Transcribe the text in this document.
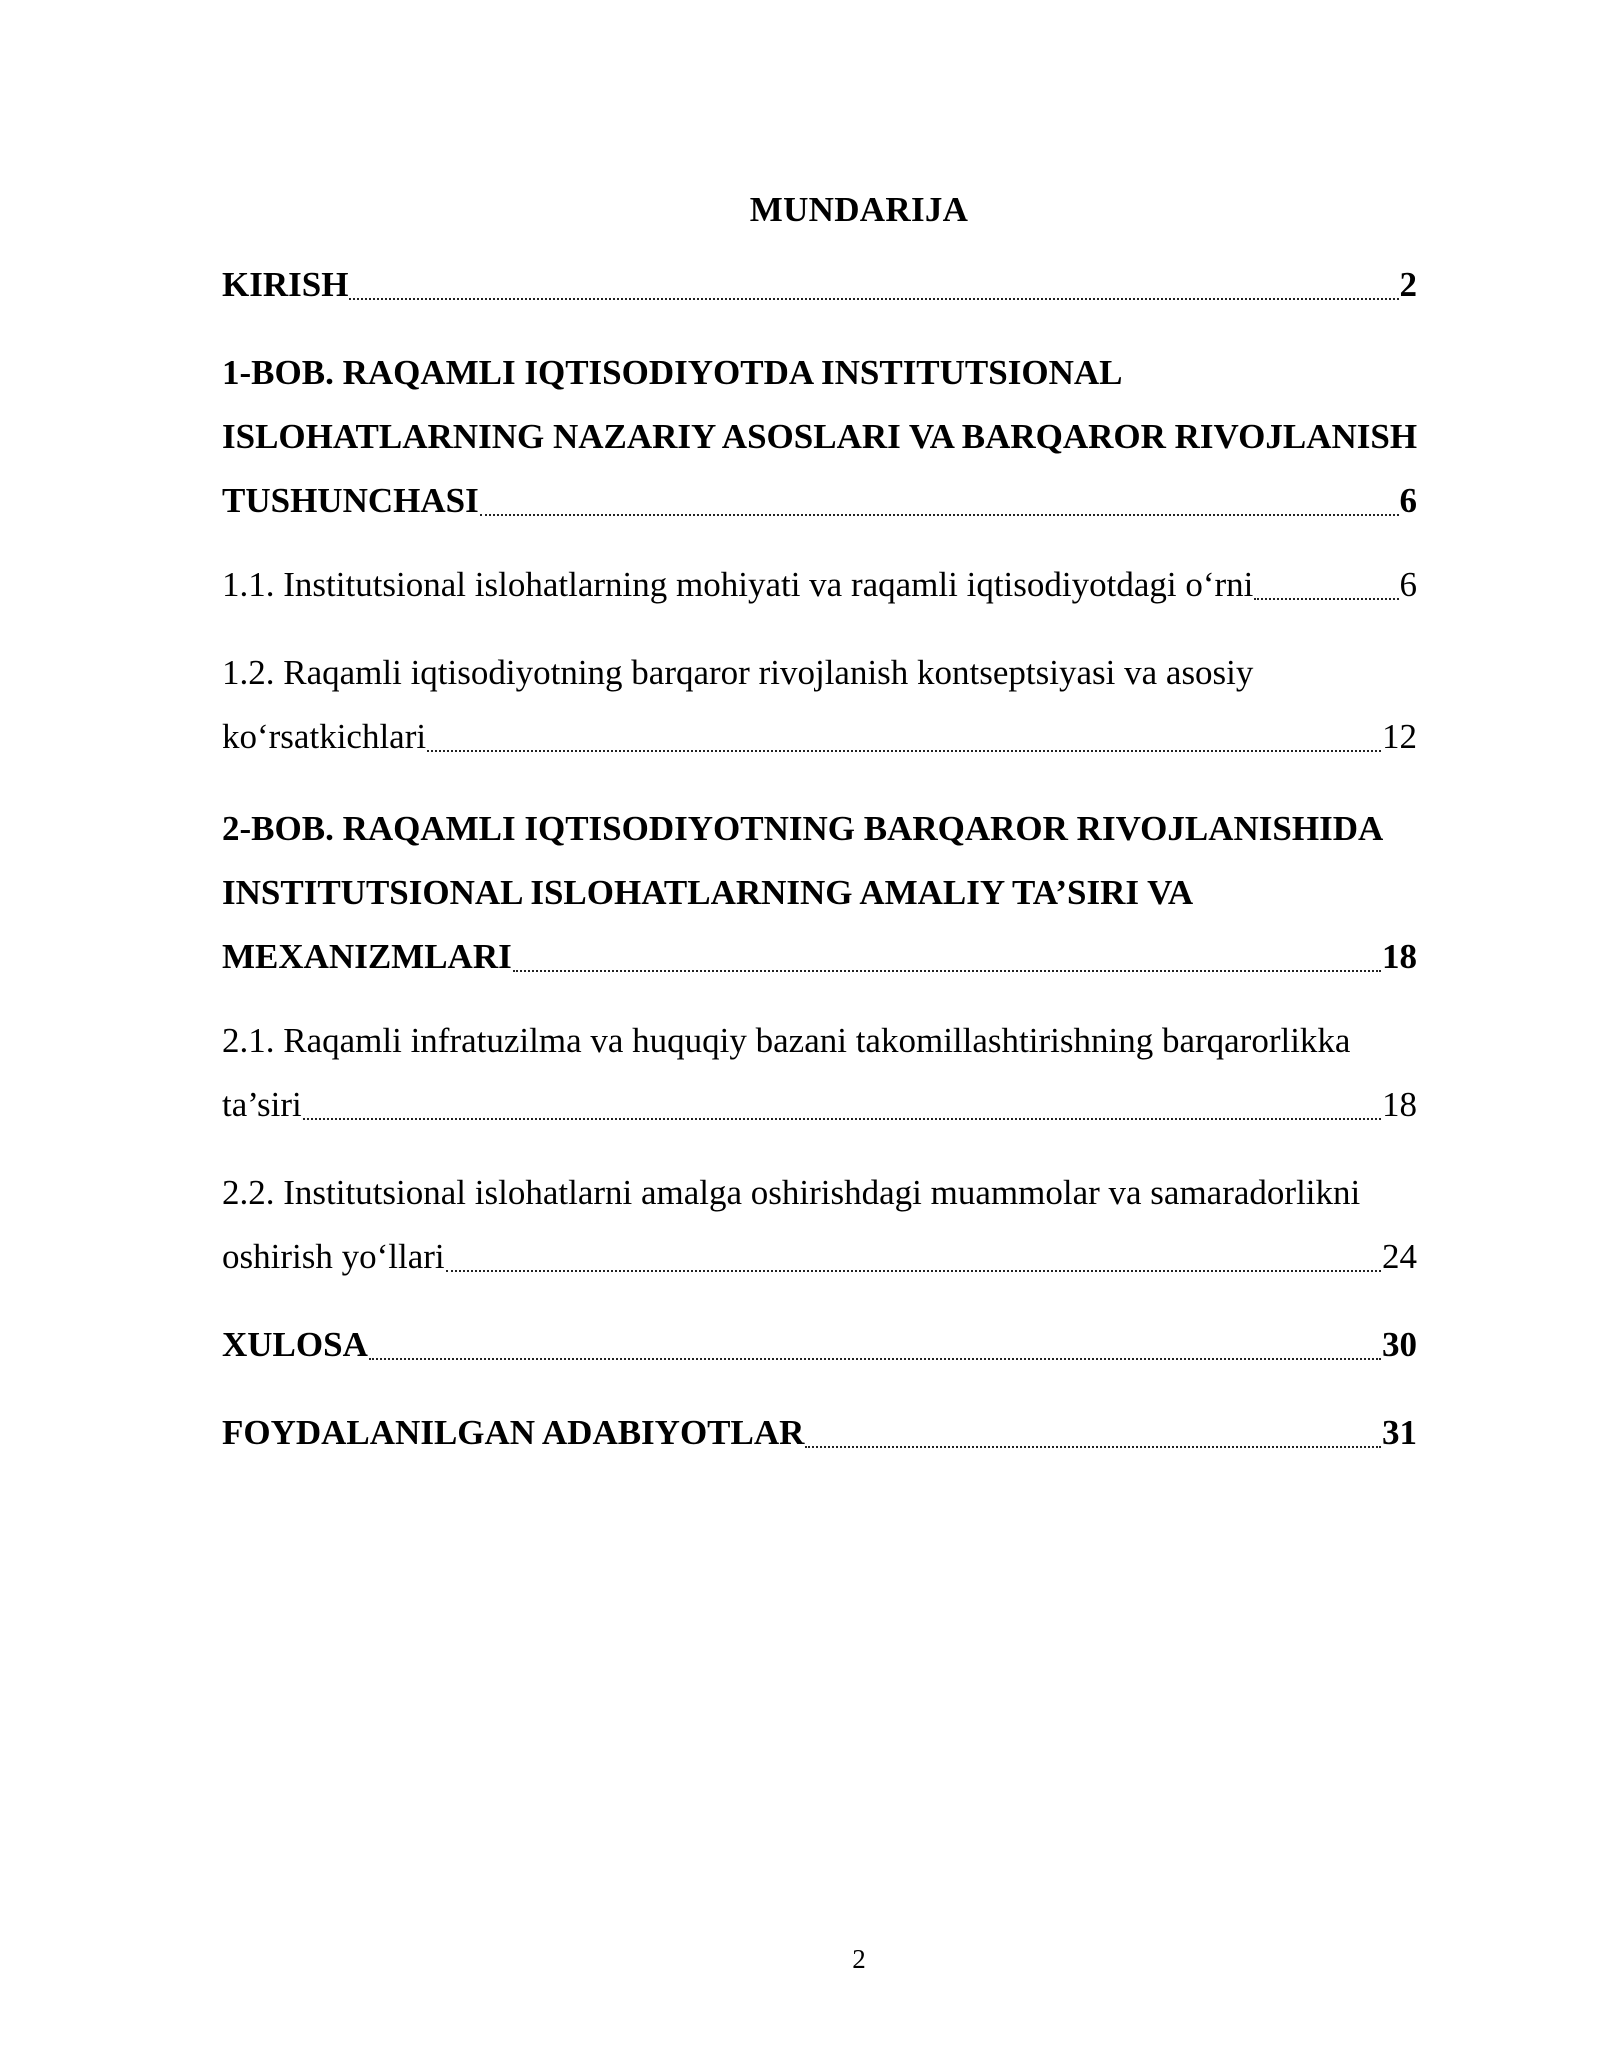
MUNDARIJA
KIRISH	2
1-BOB. RAQAMLI IQTISODIYOTDA INSTITUTSIONAL
ISLOHATLARNING NAZARIY ASOSLARI VA BARQAROR RIVOJLANISH
TUSHUNCHASI	6
1.1. Institutsional islohatlarning mohiyati va raqamli iqtisodiyotdagi o‘rni	6
1.2. Raqamli iqtisodiyotning barqaror rivojlanish kontseptsiyasi va asosiy
ko‘rsatkichlari	12
2-BOB. RAQAMLI IQTISODIYOTNING BARQAROR RIVOJLANISHIDA
INSTITUTSIONAL ISLOHATLARNING AMALIY TA’SIRI VA
MEXANIZMLARI	18
2.1. Raqamli infratuzilma va huquqiy bazani takomillashtirishning barqarorlikka
ta’siri	18
2.2. Institutsional islohatlarni amalga oshirishdagi muammolar va samaradorlikni
oshirish yo‘llari	24
XULOSA	30
FOYDALANILGAN ADABIYOTLAR	31
2
